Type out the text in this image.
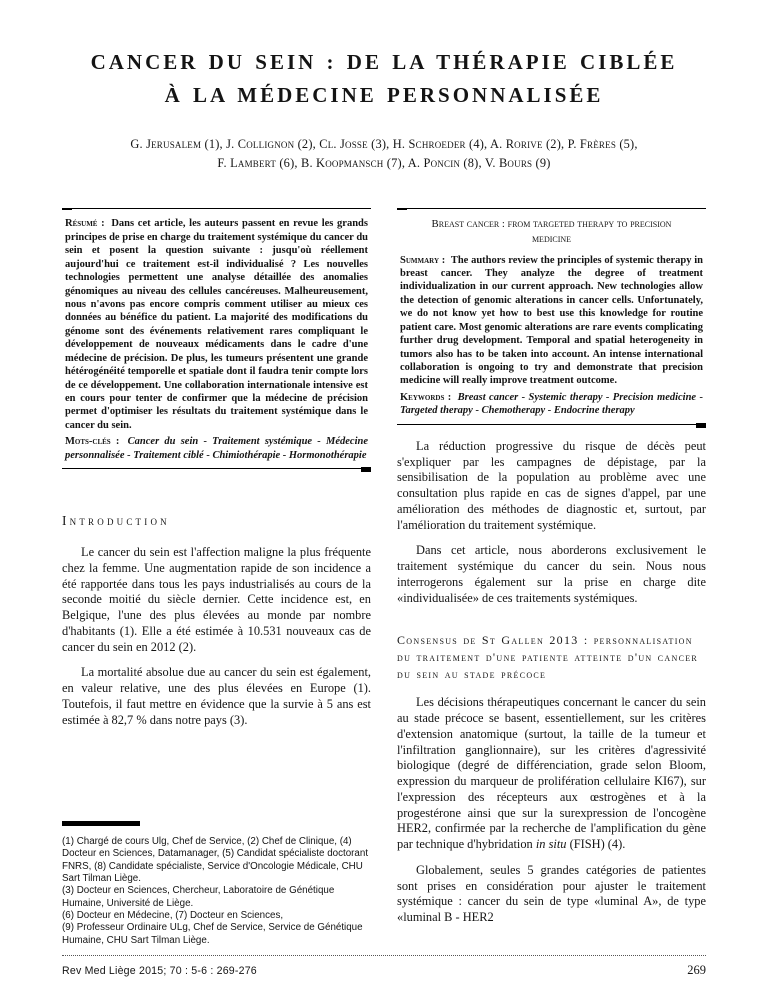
CANCER DU SEIN : DE LA THÉRAPIE CIBLÉE
À LA MÉDECINE PERSONNALISÉE
G. Jerusalem (1), J. Collignon (2), Cl. Josse (3), H. Schroeder (4), A. Rorive (2), P. Frères (5),
F. Lambert (6), B. Koopmansch (7), A. Poncin (8), V. Bours (9)

Résumé : Dans cet article, les auteurs passent en revue les grands principes de prise en charge du traitement systémique du cancer du sein et posent la question suivante : jusqu'où réellement aujourd'hui ce traitement est-il individualisé ? Les nouvelles technologies permettent une analyse détaillée des anomalies génomiques au niveau des cellules cancéreuses. Malheureusement, nous n'avons pas encore compris comment utiliser au mieux ces données au bénéfice du patient. La majorité des modifications du génome sont des événements relativement rares compliquant le développement de nouveaux médicaments dans le cadre d'une médecine de précision. De plus, les tumeurs présentent une grande hétérogénéité temporelle et spatiale dont il faudra tenir compte lors de ce développement. Une collaboration internationale intensive est en cours pour tenter de confirmer que la médecine de précision permet d'optimiser les résultats du traitement systémique dans le cancer du sein.

Mots-clés : Cancer du sein - Traitement systémique - Médecine personnalisée - Traitement ciblé - Chimiothérapie - Hormonothérapie

Introduction

Le cancer du sein est l'affection maligne la plus fréquente chez la femme. Une augmentation rapide de son incidence a été rapportée dans tous les pays industrialisés au cours de la seconde moitié du siècle dernier. Cette incidence est, en Belgique, l'une des plus élevées au monde par nombre d'habitants (1). Elle a été estimée à 10.531 nouveaux cas de cancer du sein en 2012 (2).

La mortalité absolue due au cancer du sein est également, en valeur relative, une des plus élevées en Europe (1). Toutefois, il faut mettre en évidence que la survie à 5 ans est estimée à 82,7 % dans notre pays (3).

(1) Chargé de cours Ulg, Chef de Service, (2) Chef de Clinique, (4) Docteur en Sciences, Datamanager, (5) Candidat spécialiste doctorant FNRS, (8) Candidate spécialiste, Service d'Oncologie Médicale, CHU Sart Tilman Liège.

(3) Docteur en Sciences, Chercheur, Laboratoire de Génétique Humaine, Université de Liège.

(6) Docteur en Médecine, (7) Docteur en Sciences,

(9) Professeur Ordinaire ULg, Chef de Service, Service de Génétique Humaine, CHU Sart Tilman Liège.

Breast cancer : from targeted therapy to precision medicine

Summary : The authors review the principles of systemic therapy in breast cancer. They analyze the degree of treatment individualization in our current approach. New technologies allow the detection of genomic alterations in cancer cells. Unfortunately, we do not know yet how to best use this knowledge for routine patient care. Most genomic alterations are rare events complicating further drug development. Temporal and spatial heterogeneity in tumors also has to be taken into account. An intense international collaboration is ongoing to try and demonstrate that precision medicine will really improve treatment outcome.

Keywords : Breast cancer - Systemic therapy - Precision medicine - Targeted therapy - Chemotherapy - Endocrine therapy

La réduction progressive du risque de décès peut s'expliquer par les campagnes de dépistage, par la sensibilisation de la population au problème avec une consultation plus rapide en cas de signes d'appel, par une amélioration des méthodes de diagnostic et, surtout, par l'amélioration du traitement systémique.

Dans cet article, nous aborderons exclusivement le traitement systémique du cancer du sein. Nous nous interrogerons également sur la prise en charge dite «individualisée» de ces traitements systémiques.

Consensus de St Gallen 2013 : personnalisation du traitement d'une patiente atteinte d'un cancer du sein au stade précoce

Les décisions thérapeutiques concernant le cancer du sein au stade précoce se basent, essentiellement, sur les critères d'extension anatomique (surtout, la taille de la tumeur et l'infiltration ganglionnaire), sur les critères d'agressivité biologique (degré de différenciation, grade selon Bloom, expression du marqueur de prolifération cellulaire KI67), sur l'expression des récepteurs aux œstrogènes et à la progestérone ainsi que sur la surexpression de l'oncogène HER2, confirmée par la recherche de l'amplification du gène par technique d'hybridation in situ (FISH) (4).

Globalement, seules 5 grandes catégories de patientes sont prises en considération pour ajuster le traitement systémique : cancer du sein de type «luminal A», de type «luminal B - HER2

Rev Med Liège 2015; 70 : 5-6 : 269-276	269
